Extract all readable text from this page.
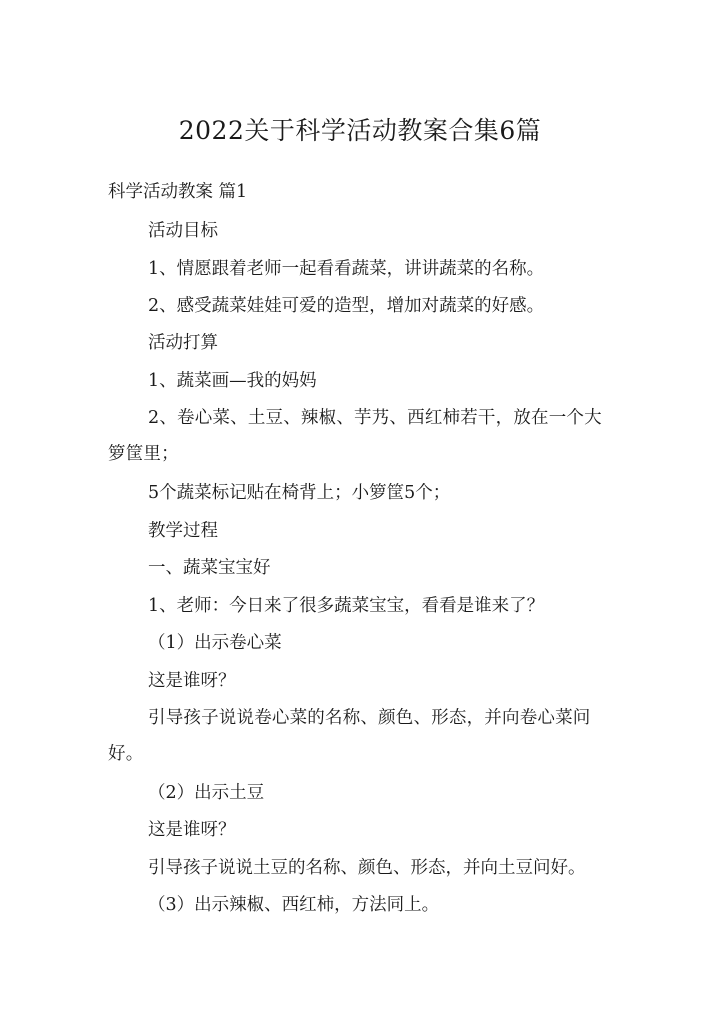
2022关于科学活动教案合集6篇
科学活动教案 篇1
活动目标
1、情愿跟着老师一起看看蔬菜，讲讲蔬菜的名称。
2、感受蔬菜娃娃可爱的造型，增加对蔬菜的好感。
活动打算
1、蔬菜画—我的妈妈
2、卷心菜、土豆、辣椒、芋艿、西红柿若干，放在一个大箩筐里；
5个蔬菜标记贴在椅背上；小箩筐5个；
教学过程
一、蔬菜宝宝好
1、老师：今日来了很多蔬菜宝宝，看看是谁来了？
（1）出示卷心菜
这是谁呀？
引导孩子说说卷心菜的名称、颜色、形态，并向卷心菜问好。
（2）出示土豆
这是谁呀？
引导孩子说说土豆的名称、颜色、形态，并向土豆问好。
（3）出示辣椒、西红柿，方法同上。
